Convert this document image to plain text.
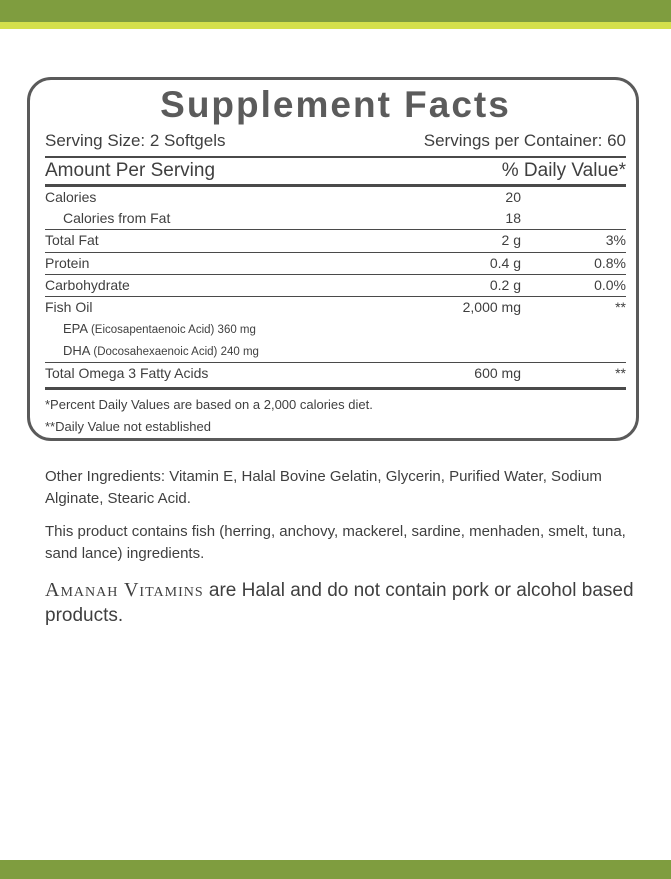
Supplement Facts
Serving Size: 2 Softgels	Servings per Container: 60
Amount Per Serving	% Daily Value*
Calories	20
Calories from Fat	18
Total Fat	2 g	3%
Protein	0.4 g	0.8%
Carbohydrate	0.2 g	0.0%
Fish Oil	2,000 mg	**
EPA (Eicosapentaenoic Acid) 360 mg
DHA (Docosahexaenoic Acid) 240 mg
Total Omega 3 Fatty Acids	600 mg	**
*Percent Daily Values are based on a 2,000 calories diet.
**Daily Value not established
Other Ingredients: Vitamin E, Halal Bovine Gelatin, Glycerin, Purified Water, Sodium Alginate, Stearic Acid.
This product contains fish (herring, anchovy, mackerel, sardine, menhaden, smelt, tuna, sand lance) ingredients.
Amanah Vitamins are Halal and do not contain pork or alcohol based products.
